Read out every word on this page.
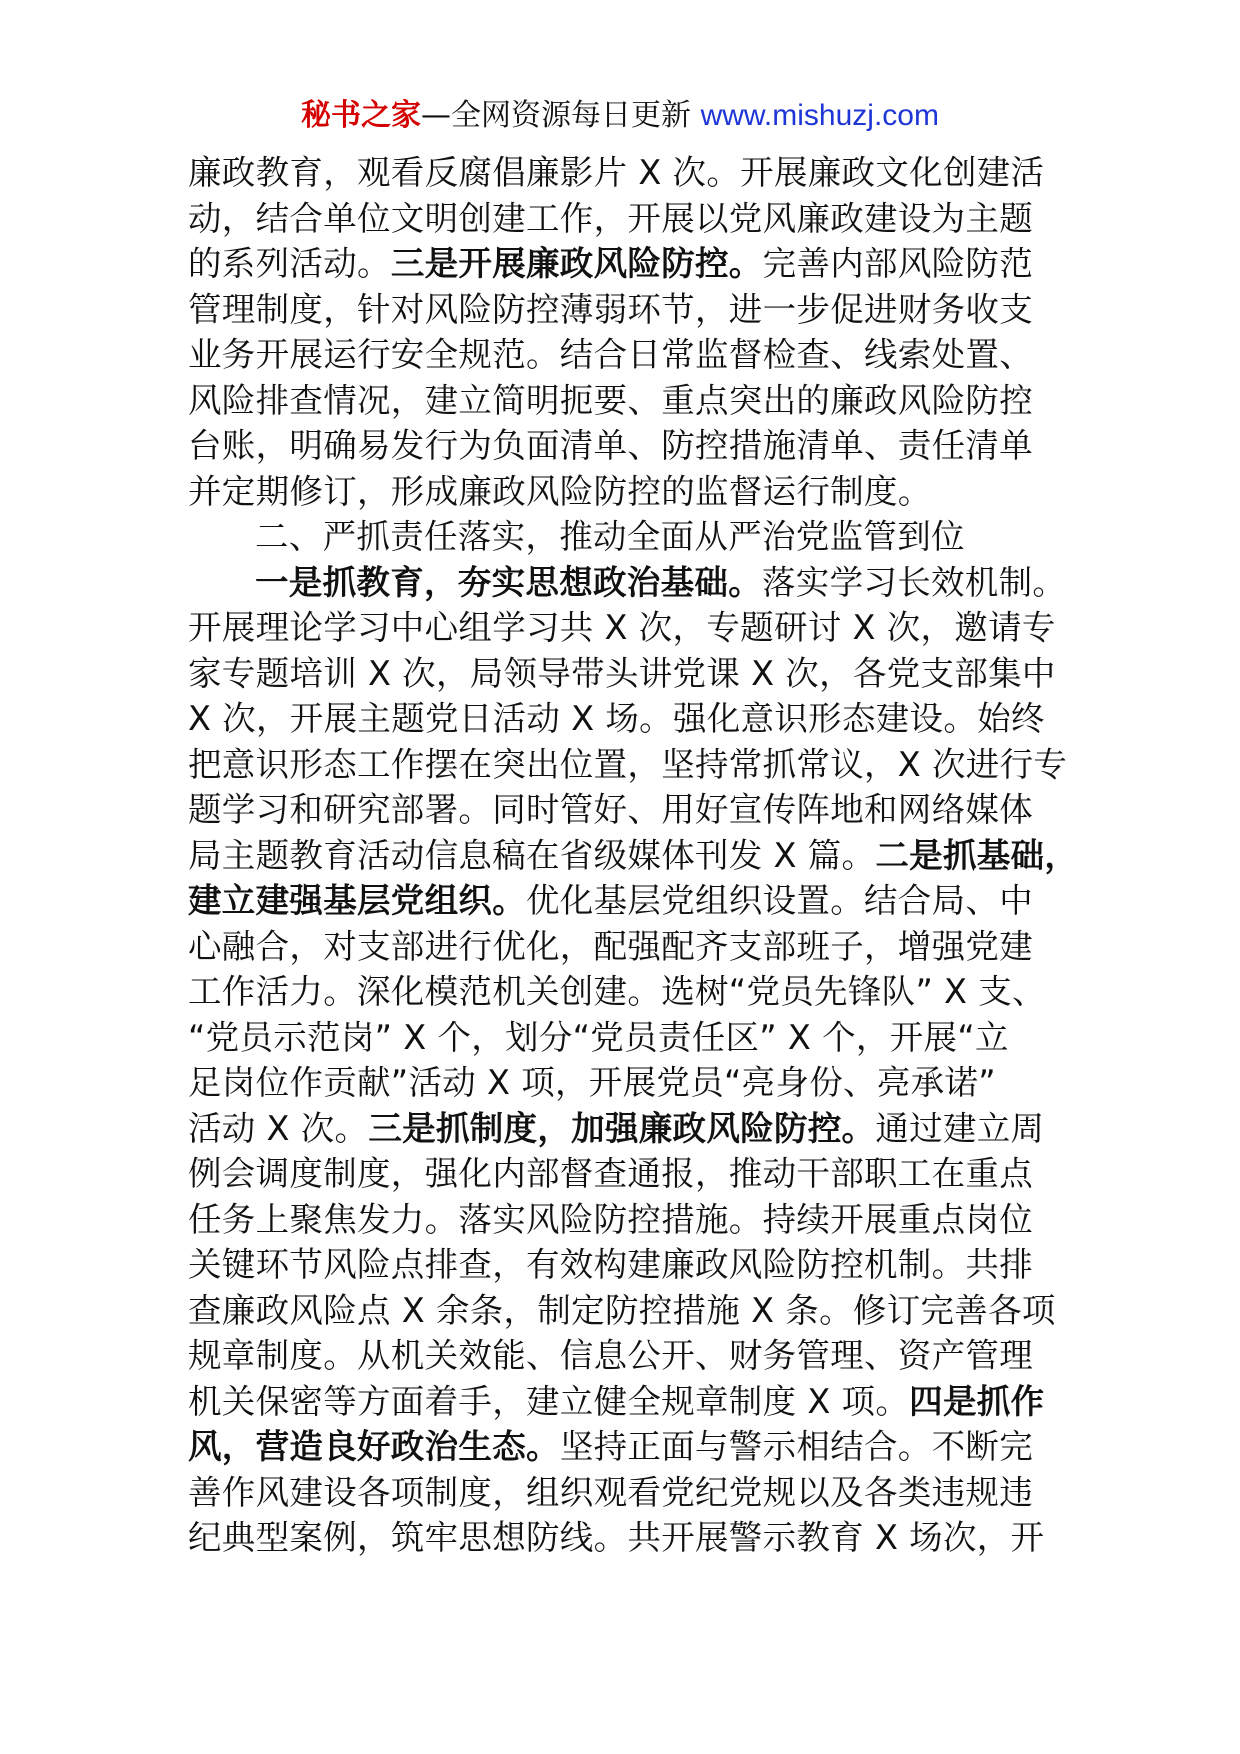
秘书之家—全网资源每日更新 www.mishuzj.com
廉政教育，观看反腐倡廉影片 X 次。开展廉政文化创建活
动，结合单位文明创建工作，开展以党风廉政建设为主题
的系列活动。三是开展廉政风险防控。完善内部风险防范
管理制度，针对风险防控薄弱环节，进一步促进财务收支
业务开展运行安全规范。结合日常监督检查、线索处置、
风险排查情况，建立简明扼要、重点突出的廉政风险防控
台账，明确易发行为负面清单、防控措施清单、责任清单
并定期修订，形成廉政风险防控的监督运行制度。
二、严抓责任落实，推动全面从严治党监管到位
一是抓教育，夯实思想政治基础。落实学习长效机制。
开展理论学习中心组学习共 X 次，专题研讨 X 次，邀请专
家专题培训 X 次，局领导带头讲党课 X 次，各党支部集中
X 次，开展主题党日活动 X 场。强化意识形态建设。始终
把意识形态工作摆在突出位置，坚持常抓常议，X 次进行专
题学习和研究部署。同时管好、用好宣传阵地和网络媒体
局主题教育活动信息稿在省级媒体刊发 X 篇。二是抓基础，
建立建强基层党组织。优化基层党组织设置。结合局、中
心融合，对支部进行优化，配强配齐支部班子，增强党建
工作活力。深化模范机关创建。选树“党员先锋队” X 支、
“党员示范岗” X 个，划分“党员责任区” X 个，开展“立
足岗位作贡献”活动 X 项，开展党员“亮身份、亮承诺”
活动 X 次。三是抓制度，加强廉政风险防控。通过建立周
例会调度制度，强化内部督查通报，推动干部职工在重点
任务上聚焦发力。落实风险防控措施。持续开展重点岗位
关键环节风险点排查，有效构建廉政风险防控机制。共排
查廉政风险点 X 余条，制定防控措施 X 条。修订完善各项
规章制度。从机关效能、信息公开、财务管理、资产管理
机关保密等方面着手，建立健全规章制度 X 项。四是抓作
风，营造良好政治生态。坚持正面与警示相结合。不断完
善作风建设各项制度，组织观看党纪党规以及各类违规违
纪典型案例，筑牢思想防线。共开展警示教育 X 场次，开
